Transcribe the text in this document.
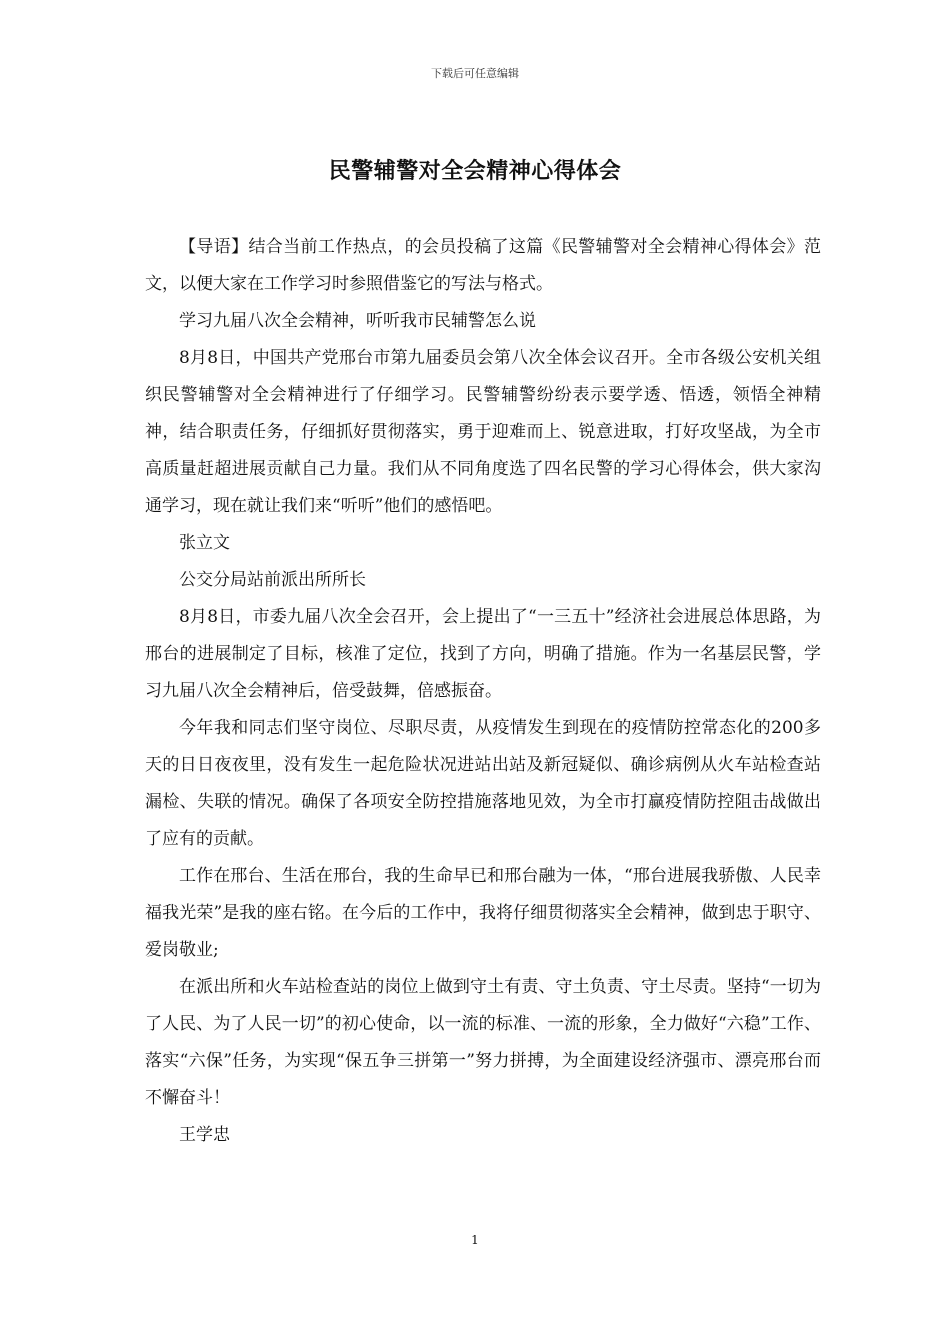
下载后可任意编辑
民警辅警对全会精神心得体会

【导语】结合当前工作热点，的会员投稿了这篇《民警辅警对全会精神心得体会》范文，以便大家在工作学习时参照借鉴它的写法与格式。

学习九届八次全会精神，听听我市民辅警怎么说

8月8日，中国共产党邢台市第九届委员会第八次全体会议召开。全市各级公安机关组织民警辅警对全会精神进行了仔细学习。民警辅警纷纷表示要学透、悟透，领悟全神精神，结合职责任务，仔细抓好贯彻落实，勇于迎难而上、锐意进取，打好攻坚战，为全市高质量赶超进展贡献自己力量。我们从不同角度选了四名民警的学习心得体会，供大家沟通学习，现在就让我们来“听听”他们的感悟吧。

张立文

公交分局站前派出所所长

8月8日，市委九届八次全会召开，会上提出了“一三五十”经济社会进展总体思路，为邢台的进展制定了目标，核准了定位，找到了方向，明确了措施。作为一名基层民警，学习九届八次全会精神后，倍受鼓舞，倍感振奋。

今年我和同志们坚守岗位、尽职尽责，从疫情发生到现在的疫情防控常态化的200多天的日日夜夜里，没有发生一起危险状况进站出站及新冠疑似、确诊病例从火车站检查站漏检、失联的情况。确保了各项安全防控措施落地见效，为全市打赢疫情防控阻击战做出了应有的贡献。

工作在邢台、生活在邢台，我的生命早已和邢台融为一体，“邢台进展我骄傲、人民幸福我光荣”是我的座右铭。在今后的工作中，我将仔细贯彻落实全会精神，做到忠于职守、爱岗敬业;

在派出所和火车站检查站的岗位上做到守土有责、守土负责、守土尽责。坚持“一切为了人民、为了人民一切”的初心使命，以一流的标准、一流的形象，全力做好“六稳”工作、落实“六保”任务，为实现“保五争三拼第一”努力拼搏，为全面建设经济强市、漂亮邢台而不懈奋斗！

王学忠

1
